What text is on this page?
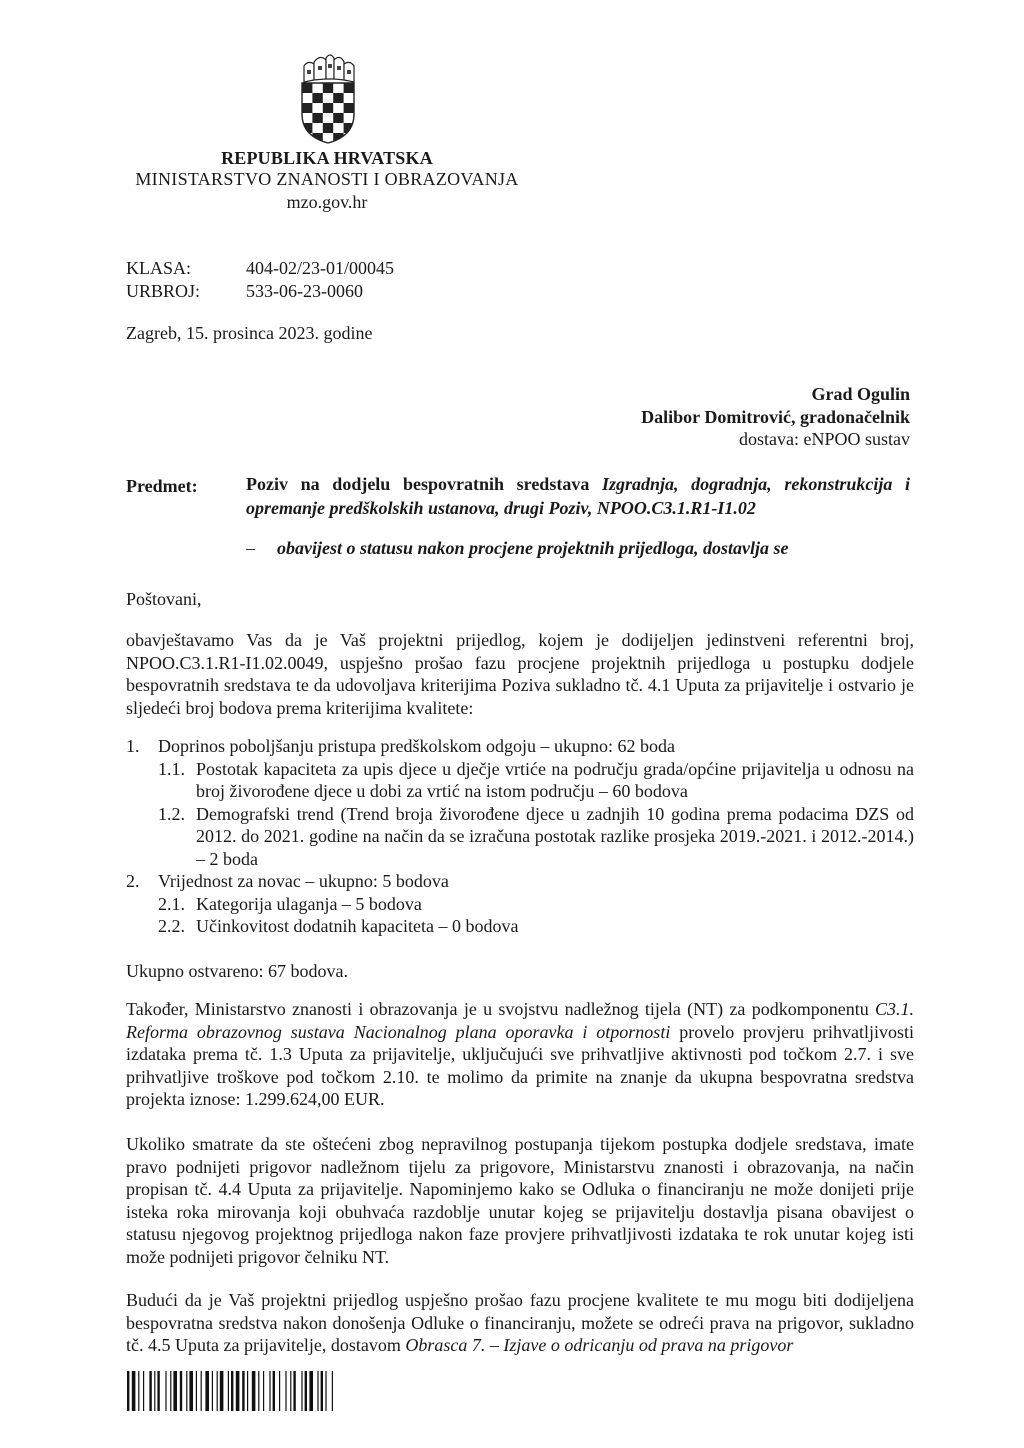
REPUBLIKA HRVATSKA
MINISTARSTVO ZNANOSTI I OBRAZOVANJA
mzo.gov.hr
KLASA:	404-02/23-01/00045
URBROJ:	533-06-23-0060
Zagreb, 15. prosinca 2023. godine
Grad Ogulin
Dalibor Domitrović, gradonačelnik
dostava: eNPOO sustav
Predmet:	Poziv na dodjelu bespovratnih sredstava Izgradnja, dogradnja, rekonstrukcija i opremanje predškolskih ustanova, drugi Poziv, NPOO.C3.1.R1-I1.02
– obavijest o statusu nakon procjene projektnih prijedloga, dostavlja se
Poštovani,
obavještavamo Vas da je Vaš projektni prijedlog, kojem je dodijeljen jedinstveni referentni broj, NPOO.C3.1.R1-I1.02.0049, uspješno prošao fazu procjene projektnih prijedloga u postupku dodjele bespovratnih sredstava te da udovoljava kriterijima Poziva sukladno tč. 4.1 Uputa za prijavitelje i ostvario je sljedeći broj bodova prema kriterijima kvalitete:
1. Doprinos poboljšanju pristupa predškolskom odgoju – ukupno: 62 boda
1.1. Postotak kapaciteta za upis djece u dječje vrtiće na području grada/općine prijavitelja u odnosu na broj živorođene djece u dobi za vrtić na istom području – 60 bodova
1.2. Demografski trend (Trend broja živorođene djece u zadnjih 10 godina prema podacima DZS od 2012. do 2021. godine na način da se izračuna postotak razlike prosjeka 2019.-2021. i 2012.-2014.) – 2 boda
2. Vrijednost za novac – ukupno: 5 bodova
2.1. Kategorija ulaganja – 5 bodova
2.2. Učinkovitost dodatnih kapaciteta – 0 bodova
Ukupno ostvareno: 67 bodova.
Također, Ministarstvo znanosti i obrazovanja je u svojstvu nadležnog tijela (NT) za podkomponentu C3.1. Reforma obrazovnog sustava Nacionalnog plana oporavka i otpornosti provelo provjeru prihvatljivosti izdataka prema tč. 1.3 Uputa za prijavitelje, uključujući sve prihvatljive aktivnosti pod točkom 2.7. i sve prihvatljive troškove pod točkom 2.10. te molimo da primite na znanje da ukupna bespovratna sredstva projekta iznose: 1.299.624,00 EUR.
Ukoliko smatrate da ste oštećeni zbog nepravilnog postupanja tijekom postupka dodjele sredstava, imate pravo podnijeti prigovor nadležnom tijelu za prigovore, Ministarstvu znanosti i obrazovanja, na način propisan tč. 4.4 Uputa za prijavitelje. Napominjemo kako se Odluka o financiranju ne može donijeti prije isteka roka mirovanja koji obuhvaća razdoblje unutar kojeg se prijavitelju dostavlja pisana obavijest o statusu njegovog projektnog prijedloga nakon faze provjere prihvatljivosti izdataka te rok unutar kojeg isti može podnijeti prigovor čelniku NT.
Budući da je Vaš projektni prijedlog uspješno prošao fazu procjene kvalitete te mu mogu biti dodijeljena bespovratna sredstva nakon donošenja Odluke o financiranju, možete se odreći prava na prigovor, sukladno tč. 4.5 Uputa za prijavitelje, dostavom Obrasca 7. – Izjave o odricanju od prava na prigovor
